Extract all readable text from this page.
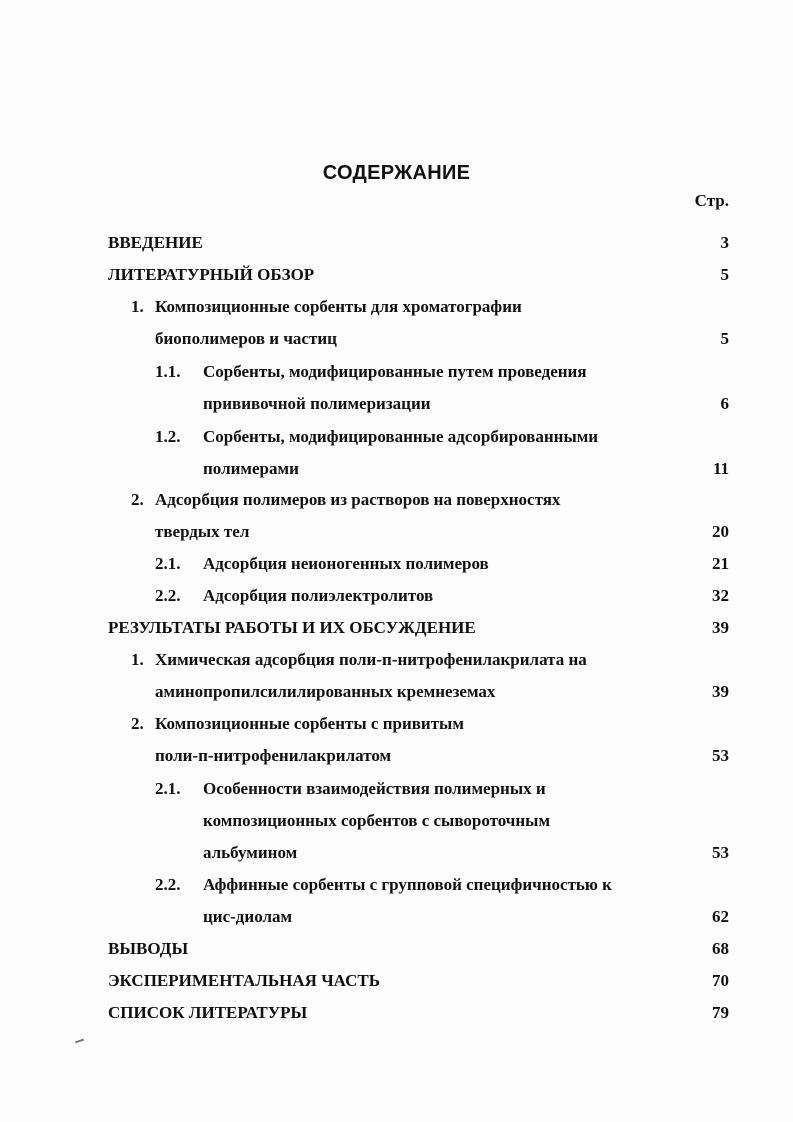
СОДЕРЖАНИЕ
Стр.
ВВЕДЕНИЕ	3
ЛИТЕРАТУРНЫЙ ОБЗОР	5
1. Композиционные сорбенты для хроматографии
биополимеров и частиц	5
1.1. Сорбенты, модифицированные путем проведения
прививочной полимеризации	6
1.2. Сорбенты, модифицированные адсорбированными
полимерами	11
2. Адсорбция полимеров из растворов на поверхностях
твердых тел	20
2.1. Адсорбция неионогенных полимеров	21
2.2. Адсорбция полиэлектролитов	32
РЕЗУЛЬТАТЫ РАБОТЫ И ИХ ОБСУЖДЕНИЕ	39
1. Химическая адсорбция поли-п-нитрофенилакрилата на
аминопропилсилилированных кремнеземах	39
2. Композиционные сорбенты с привитым
поли-п-нитрофенилакрилатом	53
2.1. Особенности взаимодействия полимерных и
композиционных сорбентов с сывороточным
альбумином	53
2.2. Аффинные сорбенты с групповой специфичностью к
цис-диолам	62
ВЫВОДЫ	68
ЭКСПЕРИМЕНТАЛЬНАЯ ЧАСТЬ	70
СПИСОК ЛИТЕРАТУРЫ	79
